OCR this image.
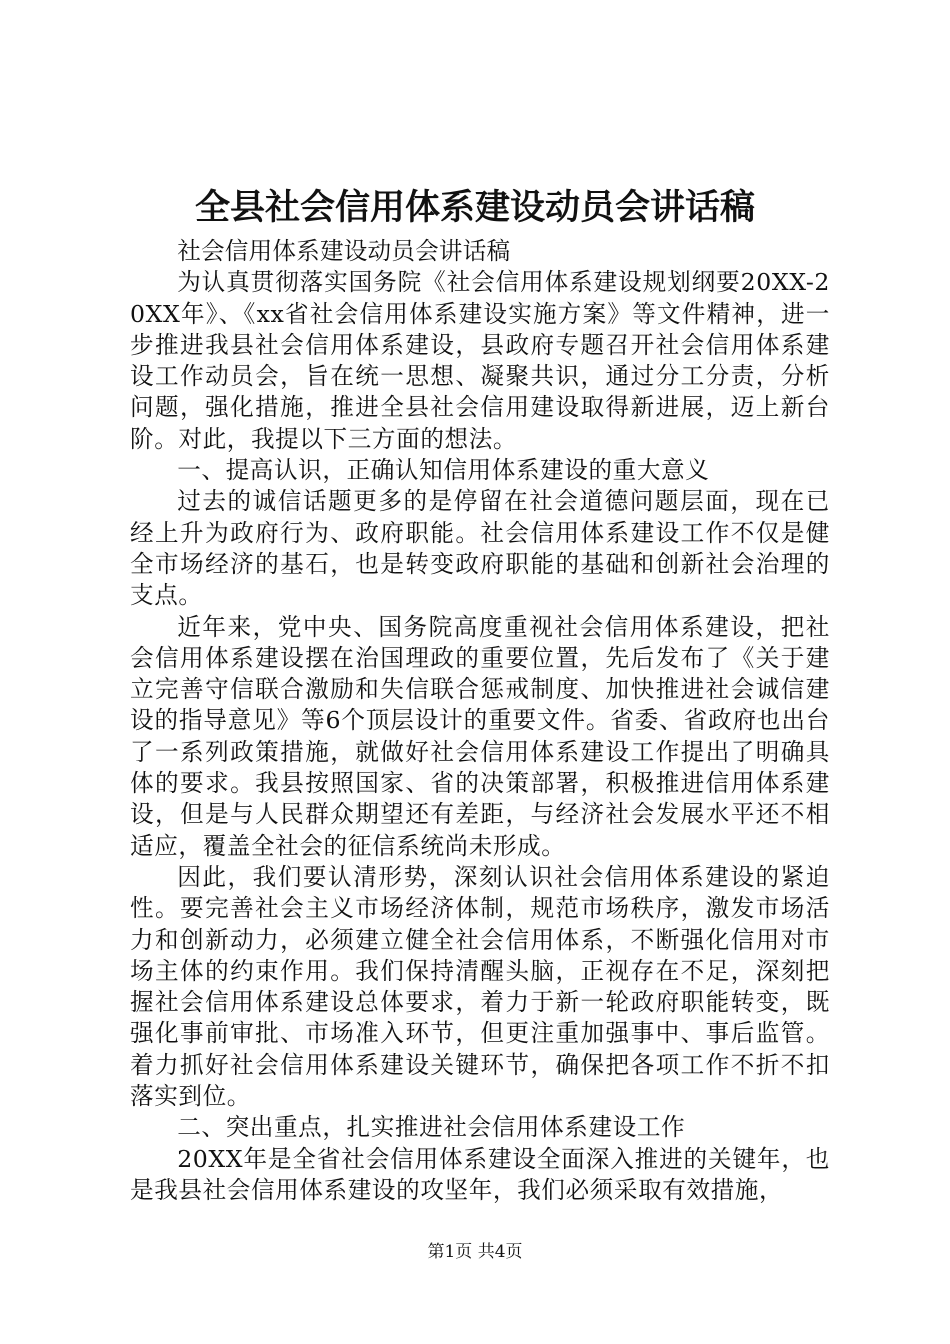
全县社会信用体系建设动员会讲话稿

社会信用体系建设动员会讲话稿

为认真贯彻落实国务院《社会信用体系建设规划纲要20XX-20XX年》、《xx省社会信用体系建设实施方案》等文件精神，进一步推进我县社会信用体系建设，县政府专题召开社会信用体系建设工作动员会，旨在统一思想、凝聚共识，通过分工分责，分析问题，强化措施，推进全县社会信用建设取得新进展，迈上新台阶。对此，我提以下三方面的想法。

一、提高认识，正确认知信用体系建设的重大意义

过去的诚信话题更多的是停留在社会道德问题层面，现在已经上升为政府行为、政府职能。社会信用体系建设工作不仅是健全市场经济的基石，也是转变政府职能的基础和创新社会治理的支点。

近年来，党中央、国务院高度重视社会信用体系建设，把社会信用体系建设摆在治国理政的重要位置，先后发布了《关于建立完善守信联合激励和失信联合惩戒制度、加快推进社会诚信建设的指导意见》等6个顶层设计的重要文件。省委、省政府也出台了一系列政策措施，就做好社会信用体系建设工作提出了明确具体的要求。我县按照国家、省的决策部署，积极推进信用体系建设，但是与人民群众期望还有差距，与经济社会发展水平还不相适应，覆盖全社会的征信系统尚未形成。

因此，我们要认清形势，深刻认识社会信用体系建设的紧迫性。要完善社会主义市场经济体制，规范市场秩序，激发市场活力和创新动力，必须建立健全社会信用体系，不断强化信用对市场主体的约束作用。我们保持清醒头脑，正视存在不足，深刻把握社会信用体系建设总体要求，着力于新一轮政府职能转变，既强化事前审批、市场准入环节，但更注重加强事中、事后监管。着力抓好社会信用体系建设关键环节，确保把各项工作不折不扣落实到位。

二、突出重点，扎实推进社会信用体系建设工作

20XX年是全省社会信用体系建设全面深入推进的关键年，也是我县社会信用体系建设的攻坚年，我们必须采取有效措施，

第1页 共4页
